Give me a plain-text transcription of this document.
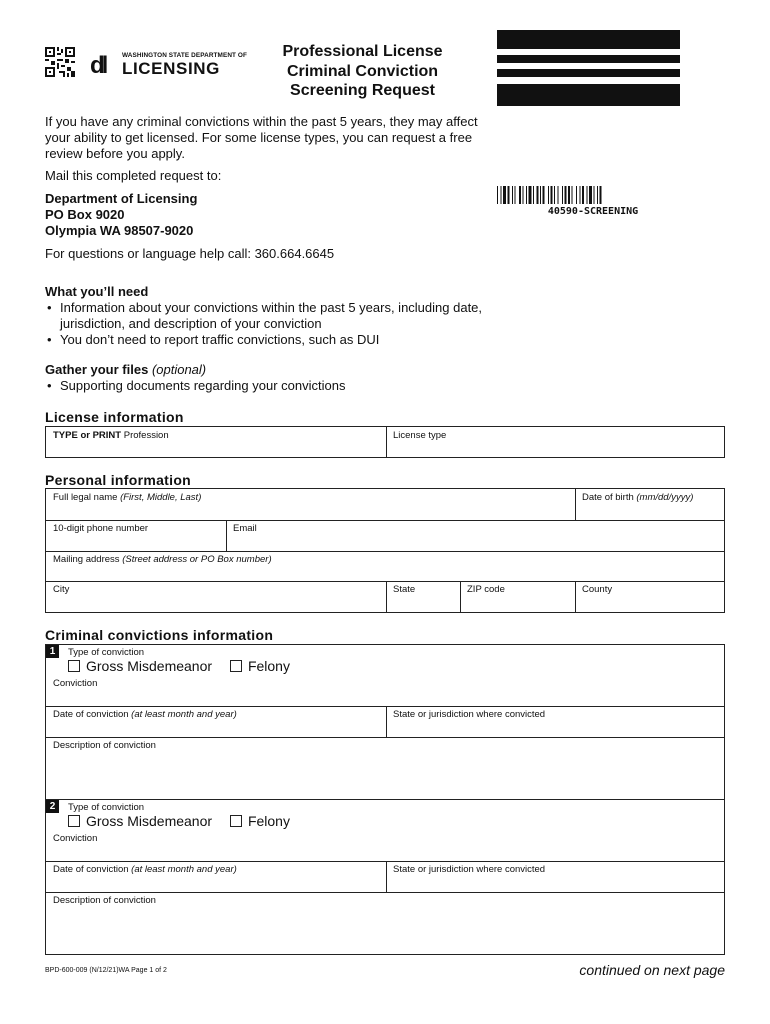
dl	WASHINGTON STATE DEPARTMENT OF
LICENSING
Professional License
Criminal Conviction
Screening Request
If you have any criminal convictions within the past 5 years, they may affect your ability to get licensed. For some license types, you can request a free review before you apply.
Mail this completed request to:
Department of Licensing
PO Box 9020
Olympia WA 98507-9020
For questions or language help call: 360.664.6645
40590-SCREENING
What you’ll need
• Information about your convictions within the past 5 years, including date, jurisdiction, and description of your conviction
• You don’t need to report traffic convictions, such as DUI
Gather your files (optional)
• Supporting documents regarding your convictions
License information
TYPE or PRINT Profession	License type
Personal information
Full legal name (First, Middle, Last)	Date of birth (mm/dd/yyyy)
10-digit phone number	Email
Mailing address (Street address or PO Box number)
City	State	ZIP code	County
Criminal convictions information
1	Type of conviction
Gross Misdemeanor	Felony
Conviction
Date of conviction (at least month and year)	State or jurisdiction where convicted
Description of conviction
2	Type of conviction
Gross Misdemeanor	Felony
Conviction
Date of conviction (at least month and year)	State or jurisdiction where convicted
Description of conviction
BPD-600-009 (N/12/21)WA Page 1 of 2	continued on next page
